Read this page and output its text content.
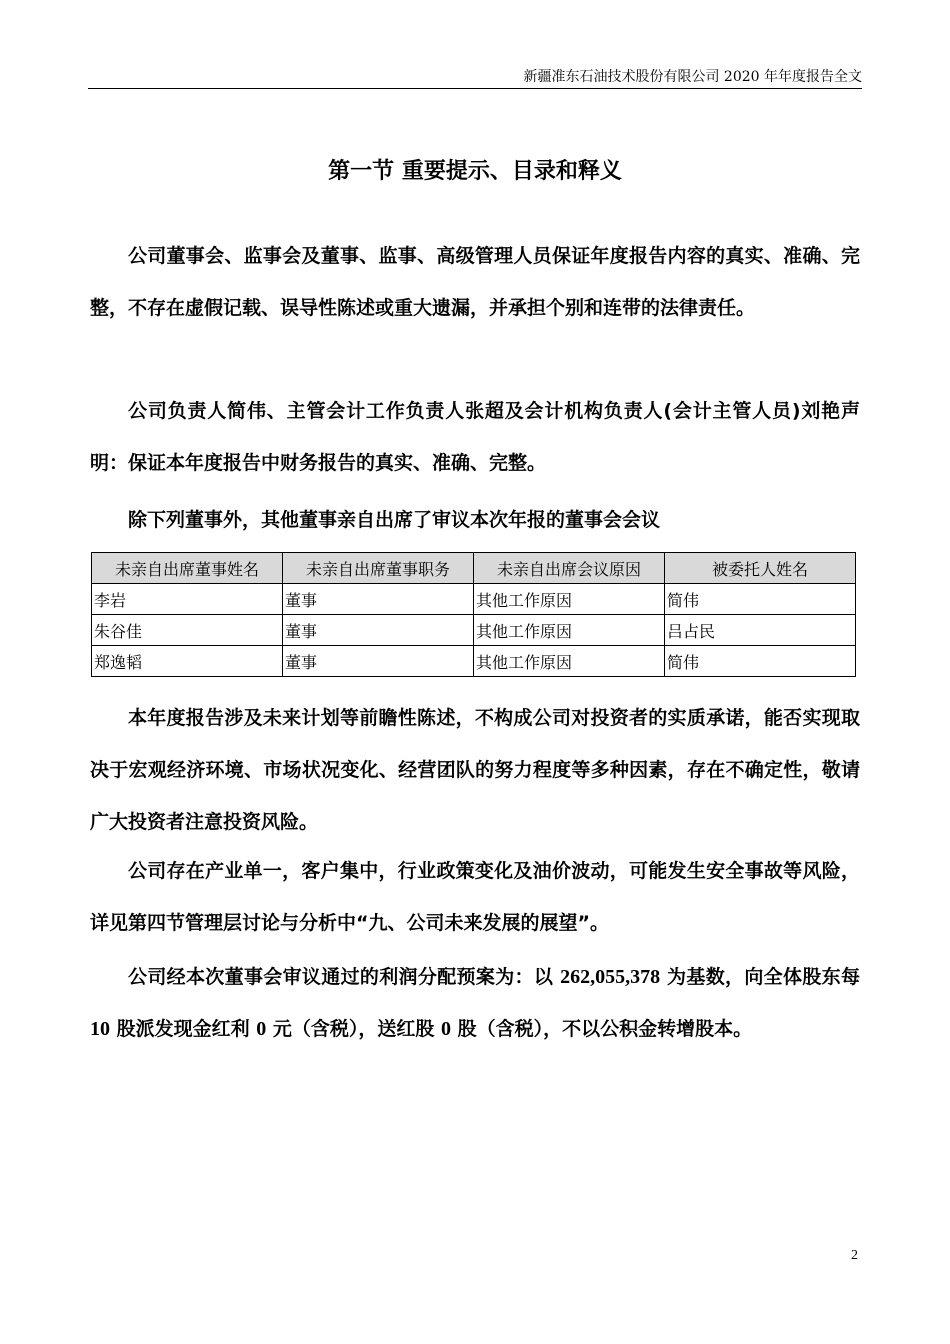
新疆准东石油技术股份有限公司 2020 年年度报告全文
第一节 重要提示、目录和释义

公司董事会、监事会及董事、监事、高级管理人员保证年度报告内容的真实、准确、完整，不存在虚假记载、误导性陈述或重大遗漏，并承担个别和连带的法律责任。

公司负责人简伟、主管会计工作负责人张超及会计机构负责人(会计主管人员)刘艳声明：保证本年度报告中财务报告的真实、准确、完整。

除下列董事外，其他董事亲自出席了审议本次年报的董事会会议

未亲自出席董事姓名	未亲自出席董事职务	未亲自出席会议原因	被委托人姓名
李岩	董事	其他工作原因	简伟
朱谷佳	董事	其他工作原因	吕占民
郑逸韬	董事	其他工作原因	简伟

本年度报告涉及未来计划等前瞻性陈述，不构成公司对投资者的实质承诺，能否实现取决于宏观经济环境、市场状况变化、经营团队的努力程度等多种因素，存在不确定性，敬请广大投资者注意投资风险。

公司存在产业单一，客户集中，行业政策变化及油价波动，可能发生安全事故等风险，详见第四节管理层讨论与分析中“九、公司未来发展的展望”。

公司经本次董事会审议通过的利润分配预案为：以 262,055,378 为基数，向全体股东每 10 股派发现金红利 0 元（含税），送红股 0 股（含税），不以公积金转增股本。

2
